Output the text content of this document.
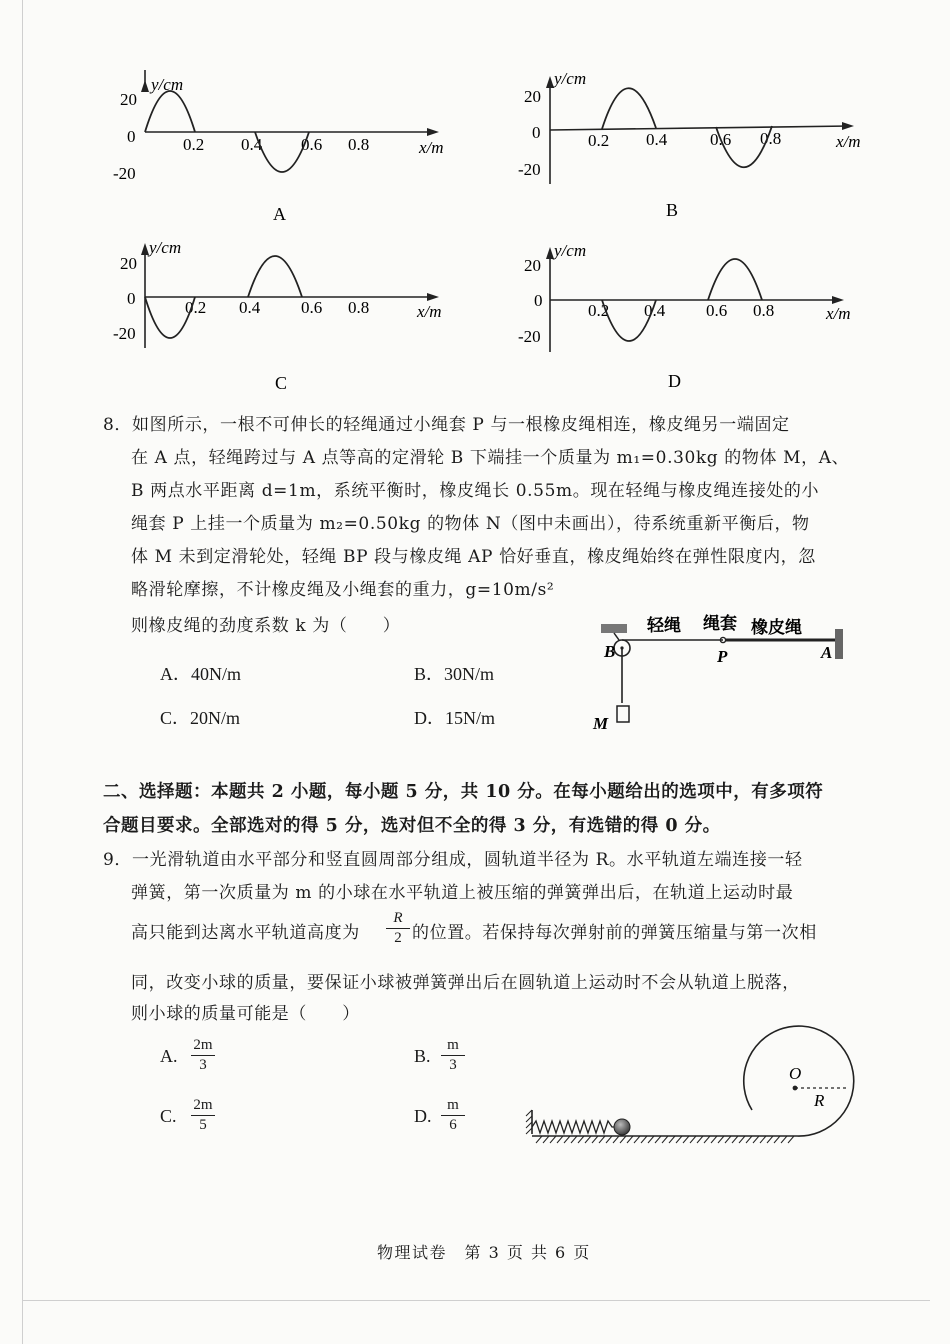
y/cm
20
0
-20
0.2 0.4 0.6 0.8	x/m
A
y/cm
20
0
-20
0.2 0.4	0.6 0.8	x/m
B
y/cm
20
0
-20
0.2 0.4 0.6 0.8	x/m
C
y/cm
20
0
-20
0.2 0.4 0.6 0.8	x/m
D
8．如图所示，一根不可伸长的轻绳通过小绳套 P 与一根橡皮绳相连，橡皮绳另一端固定
在 A 点，轻绳跨过与 A 点等高的定滑轮 B 下端挂一个质量为 m₁=0.30kg 的物体 M，A、
B 两点水平距离 d=1m，系统平衡时，橡皮绳长 0.55m。现在轻绳与橡皮绳连接处的小
绳套 P 上挂一个质量为 m₂=0.50kg 的物体 N（图中未画出），待系统重新平衡后，物
体 M 未到定滑轮处，轻绳 BP 段与橡皮绳 AP 恰好垂直，橡皮绳始终在弹性限度内，忽
略滑轮摩擦，不计橡皮绳及小绳套的重力，g=10m/s²
则橡皮绳的劲度系数 k 为（　　）
A．40N/m	B．30N/m
C．20N/m	D．15N/m
轻绳 绳套 橡皮绳
B	P	A
M
二、选择题：本题共 2 小题，每小题 5 分，共 10 分。在每小题给出的选项中，有多项符
合题目要求。全部选对的得 5 分，选对但不全的得 3 分，有选错的得 0 分。
9．一光滑轨道由水平部分和竖直圆周部分组成，圆轨道半径为 R。水平轨道左端连接一轻
弹簧，第一次质量为 m 的小球在水平轨道上被压缩的弹簧弹出后，在轨道上运动时最
高只能到达离水平轨道高度为 $\frac{R}{2}$ 的位置。若保持每次弹射前的弹簧压缩量与第一次相
同，改变小球的质量，要保证小球被弹簧弹出后在圆轨道上运动时不会从轨道上脱落，
则小球的质量可能是（　　）
A. $\frac{2m}{3}$	B. $\frac{m}{3}$
C. $\frac{2m}{5}$	D. $\frac{m}{6}$
O
R
物理试卷　第 3 页 共 6 页
